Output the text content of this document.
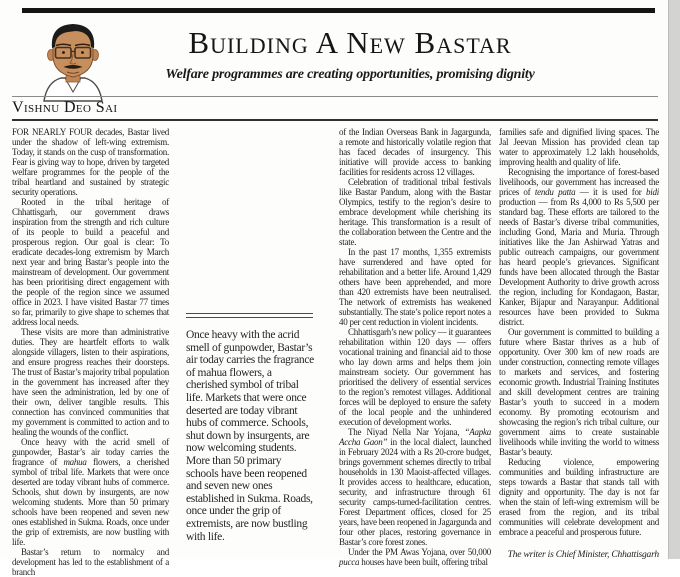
Building A New Bastar
Welfare programmes are creating opportunities, promising dignity
Vishnu Deo Sai

FOR NEARLY FOUR decades, Bastar lived under the shadow of left-wing extremism. Today, it stands on the cusp of transformation. Fear is giving way to hope, driven by targeted welfare programmes for the people of the tribal heartland and sustained by strategic security operations.

Rooted in the tribal heritage of Chhattisgarh, our government draws inspiration from the strength and rich culture of its people to build a peaceful and prosperous region. Our goal is clear: To eradicate decades-long extremism by March next year and bring Bastar’s people into the mainstream of development. Our government has been prioritising direct engagement with the people of the region since we assumed office in 2023. I have visited Bastar 77 times so far, primarily to give shape to schemes that address local needs.

These visits are more than administrative duties. They are heartfelt efforts to walk alongside villagers, listen to their aspirations, and ensure progress reaches their doorsteps. The trust of Bastar’s majority tribal population in the government has increased after they have seen the administration, led by one of their own, deliver tangible results. This connection has convinced communities that my government is committed to action and to healing the wounds of the conflict.

Once heavy with the acrid smell of gunpowder, Bastar’s air today carries the fragrance of mahua flowers, a cherished symbol of tribal life. Markets that were once deserted are today vibrant hubs of commerce. Schools, shut down by insurgents, are now welcoming students. More than 50 primary schools have been reopened and seven new ones established in Sukma. Roads, once under the grip of extremists, are now bustling with life.

Bastar’s return to normalcy and development has led to the establishment of a branch

Once heavy with the acrid smell of gunpowder, Bastar’s air today carries the fragrance of mahua flowers, a cherished symbol of tribal life. Markets that were once deserted are today vibrant hubs of commerce. Schools, shut down by insurgents, are now welcoming students. More than 50 primary schools have been reopened and seven new ones established in Sukma. Roads, once under the grip of extremists, are now bustling with life.

of the Indian Overseas Bank in Jagargunda, a remote and historically volatile region that has faced decades of insurgency. This initiative will provide access to banking facilities for residents across 12 villages.

Celebration of traditional tribal festivals like Bastar Pandum, along with the Bastar Olympics, testify to the region’s desire to embrace development while cherishing its heritage. This transformation is a result of the collaboration between the Centre and the state.

In the past 17 months, 1,355 extremists have surrendered and have opted for rehabilitation and a better life. Around 1,429 others have been apprehended, and more than 420 extremists have been neutralised. The network of extremists has weakened substantially. The state’s police report notes a 40 per cent reduction in violent incidents.

Chhattisgarh’s new policy — it guarantees rehabilitation within 120 days — offers vocational training and financial aid to those who lay down arms and helps them join mainstream society. Our government has prioritised the delivery of essential services to the region’s remotest villages. Additional forces will be deployed to ensure the safety of the local people and the unhindered execution of development works.

The Niyad Nella Nar Yojana, “Aapka Accha Gaon” in the local dialect, launched in February 2024 with a Rs 20-crore budget, brings government schemes directly to tribal households in 130 Maoist-affected villages. It provides access to healthcare, education, security, and infrastructure through 61 security camps-turned-facilitation centres. Forest Department offices, closed for 25 years, have been reopened in Jagargunda and four other places, restoring governance in Bastar’s core forest zones.

Under the PM Awas Yojana, over 50,000 pucca houses have been built, offering tribal

families safe and dignified living spaces. The Jal Jeevan Mission has provided clean tap water to approximately 1.2 lakh households, improving health and quality of life.

Recognising the importance of forest-based livelihoods, our government has increased the prices of tendu patta — it is used for bidi production — from Rs 4,000 to Rs 5,500 per standard bag. These efforts are tailored to the needs of Bastar’s diverse tribal communities, including Gond, Maria and Muria. Through initiatives like the Jan Ashirwad Yatras and public outreach campaigns, our government has heard people’s grievances. Significant funds have been allocated through the Bastar Development Authority to drive growth across the region, including for Kondagaon, Bastar, Kanker, Bijapur and Narayanpur. Additional resources have been provided to Sukma district.

Our government is committed to building a future where Bastar thrives as a hub of opportunity. Over 300 km of new roads are under construction, connecting remote villages to markets and services, and fostering economic growth. Industrial Training Institutes and skill development centres are training Bastar’s youth to succeed in a modern economy. By promoting ecotourism and showcasing the region’s rich tribal culture, our government aims to create sustainable livelihoods while inviting the world to witness Bastar’s beauty.

Reducing violence, empowering communities and building infrastructure are steps towards a Bastar that stands tall with dignity and opportunity. The day is not far when the stain of left-wing extremism will be erased from the region, and its tribal communities will celebrate development and embrace a peaceful and prosperous future.

The writer is Chief Minister, Chhattisgarh
